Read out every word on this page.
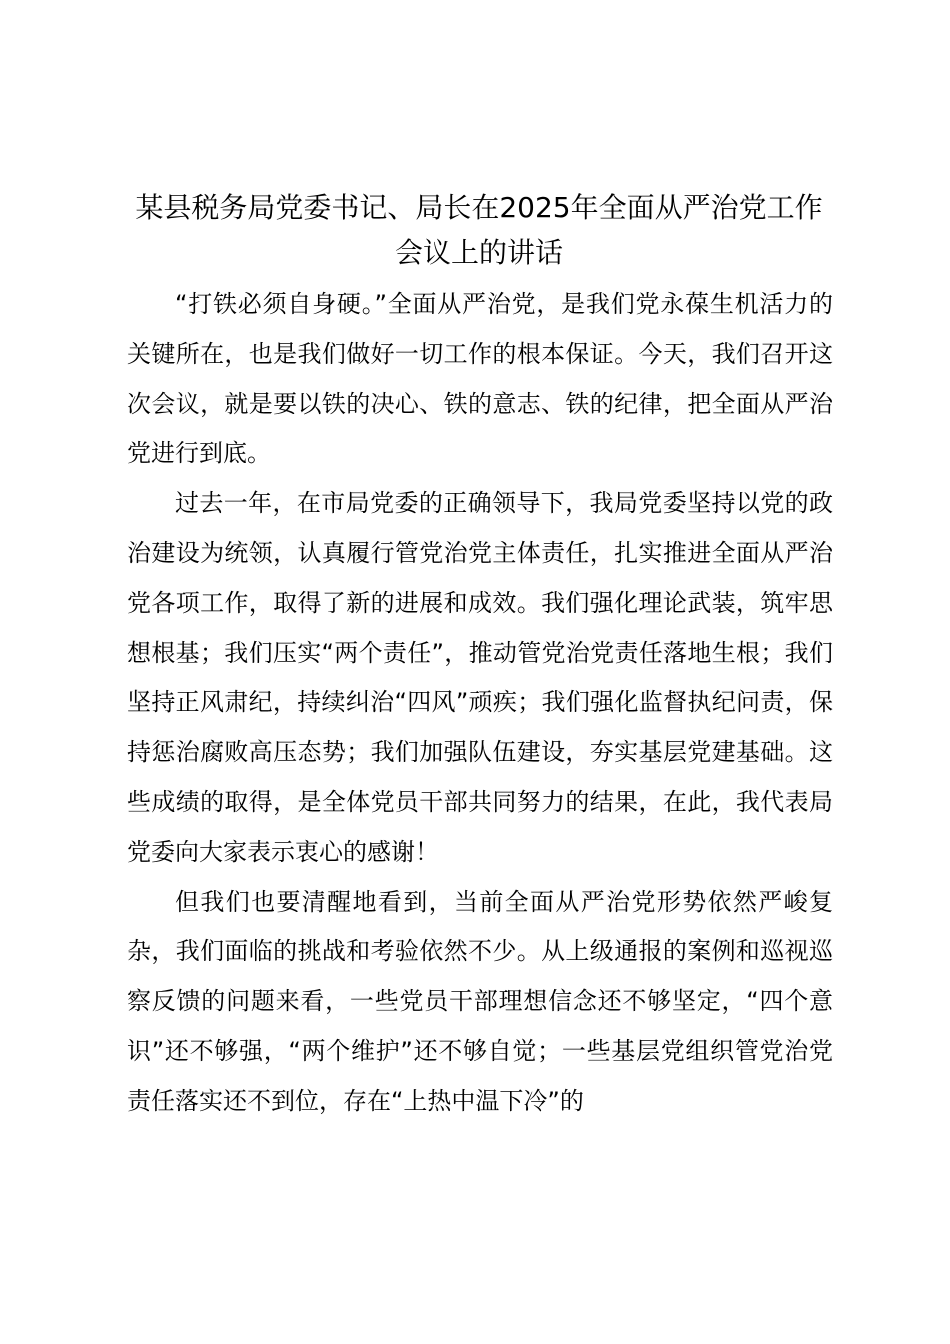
某县税务局党委书记、局长在2025年全面从严治党工作会议上的讲话

“打铁必须自身硬。”全面从严治党，是我们党永葆生机活力的关键所在，也是我们做好一切工作的根本保证。今天，我们召开这次会议，就是要以铁的决心、铁的意志、铁的纪律，把全面从严治党进行到底。

过去一年，在市局党委的正确领导下，我局党委坚持以党的政治建设为统领，认真履行管党治党主体责任，扎实推进全面从严治党各项工作，取得了新的进展和成效。我们强化理论武装，筑牢思想根基；我们压实“两个责任”，推动管党治党责任落地生根；我们坚持正风肃纪，持续纠治“四风”顽疾；我们强化监督执纪问责，保持惩治腐败高压态势；我们加强队伍建设，夯实基层党建基础。这些成绩的取得，是全体党员干部共同努力的结果，在此，我代表局党委向大家表示衷心的感谢！

但我们也要清醒地看到，当前全面从严治党形势依然严峻复杂，我们面临的挑战和考验依然不少。从上级通报的案例和巡视巡察反馈的问题来看，一些党员干部理想信念还不够坚定，“四个意识”还不够强，“两个维护”还不够自觉；一些基层党组织管党治党责任落实还不到位，存在“上热中温下冷”的
